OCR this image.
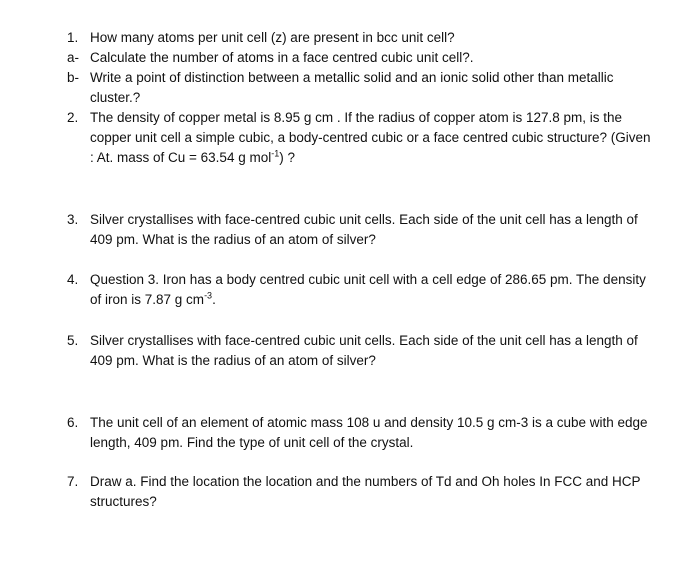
1. How many atoms per unit cell (z) are present in bcc unit cell?
a- Calculate the number of atoms in a face centred cubic unit cell?.
b- Write a point of distinction between a metallic solid and an ionic solid other than metallic cluster.?
2. The density of copper metal is 8.95 g cm . If the radius of copper atom is 127.8 pm, is the copper unit cell a simple cubic, a body-centred cubic or a face centred cubic structure? (Given : At. mass of Cu = 63.54 g mol$^{-1}$) ?
3. Silver crystallises with face-centred cubic unit cells. Each side of the unit cell has a length of 409 pm. What is the radius of an atom of silver?
4. Question 3. Iron has a body centred cubic unit cell with a cell edge of 286.65 pm. The density of iron is 7.87 g $cm^{-3}$.
5. Silver crystallises with face-centred cubic unit cells. Each side of the unit cell has a length of 409 pm. What is the radius of an atom of silver?
6. The unit cell of an element of atomic mass 108 u and density 10.5 g cm-3 is a cube with edge length, 409 pm. Find the type of unit cell of the crystal.
7. Draw a. Find the location the location and the numbers of Td and Oh holes In FCC and HCP structures?
